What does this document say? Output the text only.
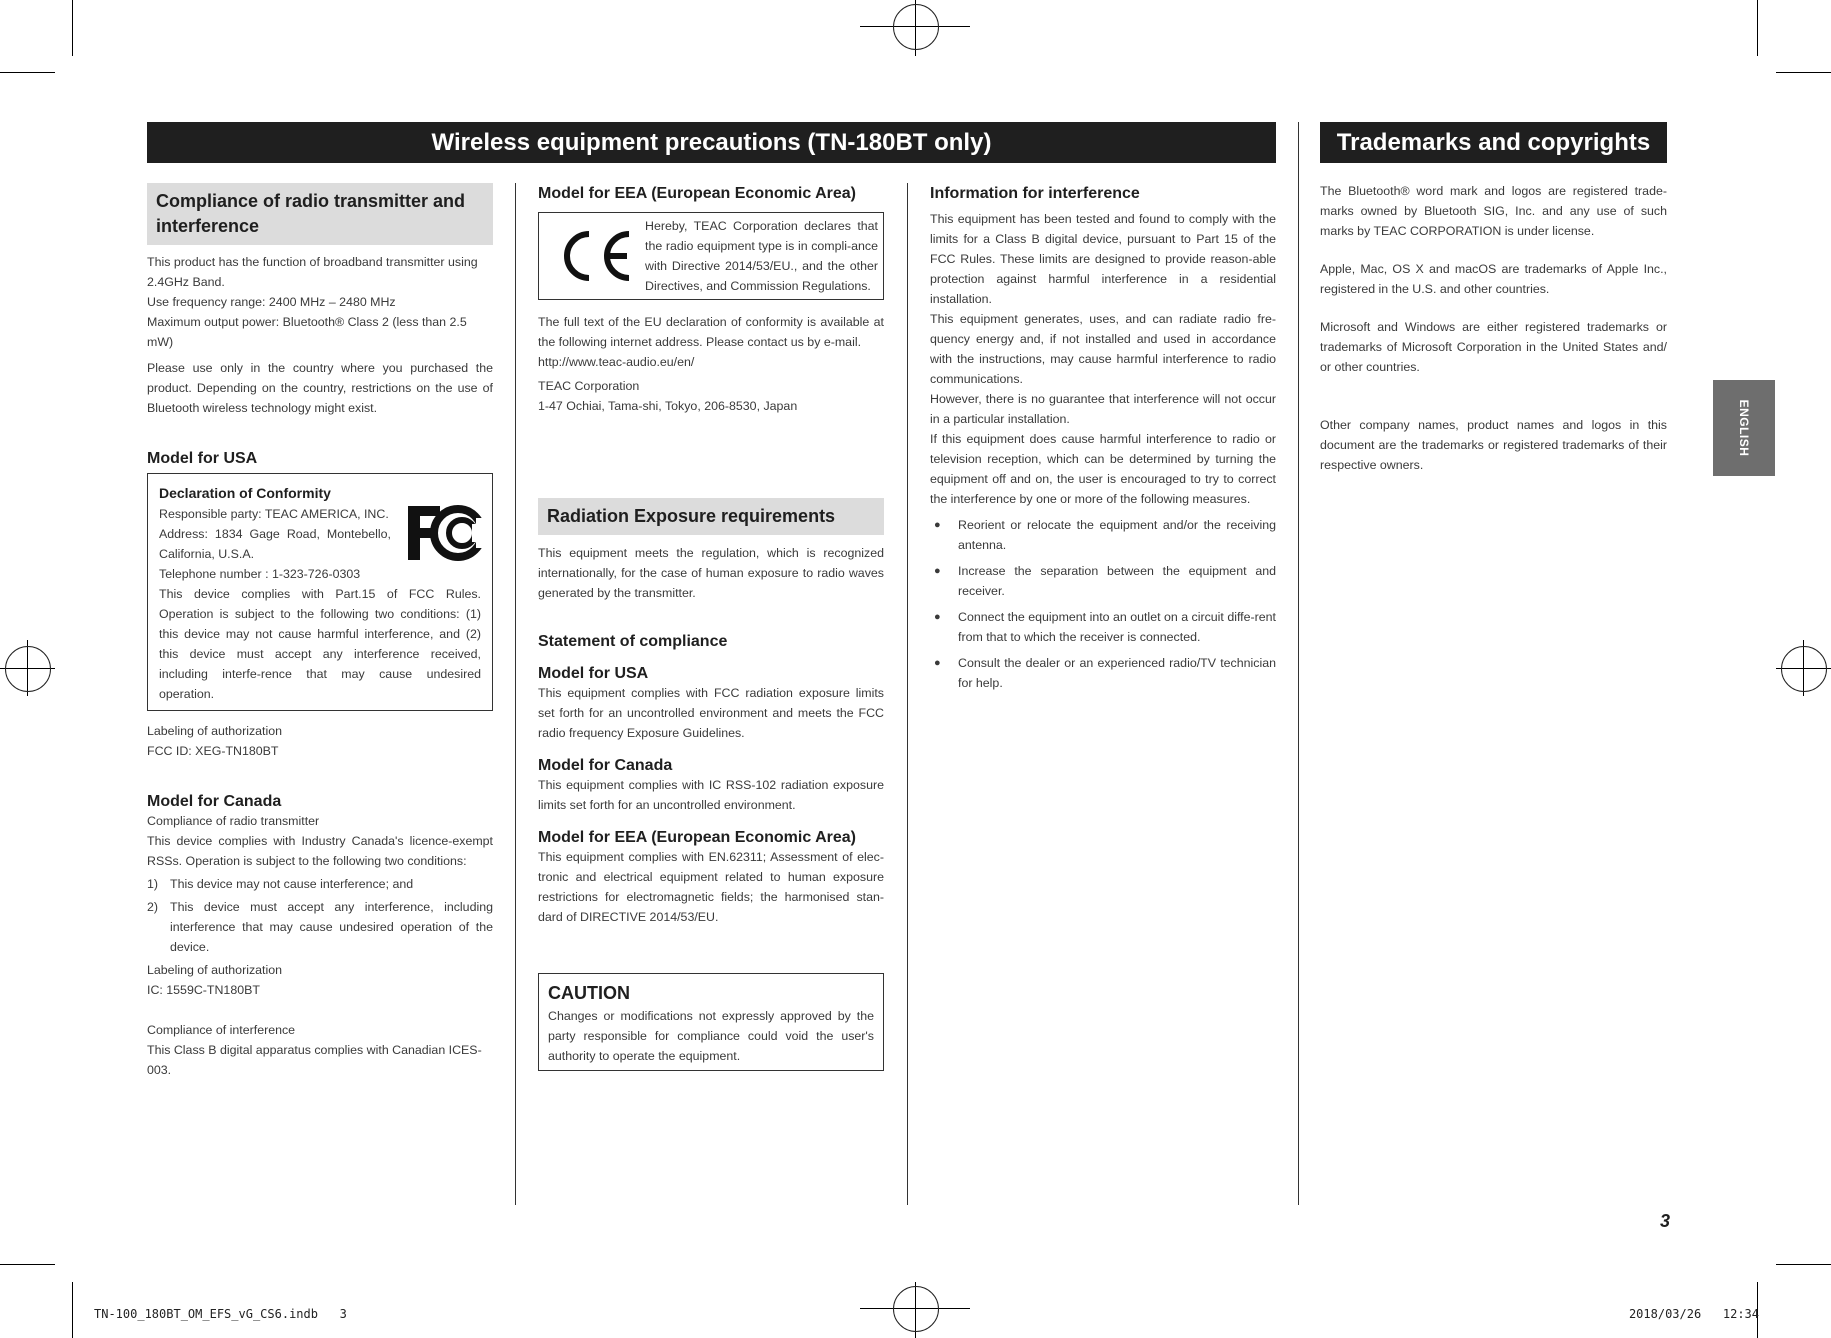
Wireless equipment precautions (TN-180BT only)	Trademarks and copyrights
ENGLISH
Compliance of radio transmitter and interference

This product has the function of broadband transmitter using 2.4GHz Band.

Use frequency range: 2400 MHz – 2480 MHz

Maximum output power: Bluetooth® Class 2 (less than 2.5 mW)

Please use only in the country where you purchased the product. Depending on the country, restrictions on the use of Bluetooth wireless technology might exist.

Model for USA

Declaration of Conformity

Responsible party: TEAC AMERICA, INC.

Address: 1834 Gage Road, Montebello, California, U.S.A.

Telephone number : 1-323-726-0303

This device complies with Part.15 of FCC Rules. Operation is subject to the following two conditions: (1) this device may not cause harmful interference, and (2) this device must accept any interference received, including interfe-rence that may cause undesired operation.

Labeling of authorization

FCC ID: XEG-TN180BT

Model for Canada

Compliance of radio transmitter

This device complies with Industry Canada's licence-exempt RSSs. Operation is subject to the following two conditions:

1) This device may not cause interference; and
2) This device must accept any interference, including interference that may cause undesired operation of the device.

Labeling of authorization

IC: 1559C-TN180BT

Compliance of interference

This Class B digital apparatus complies with Canadian ICES-003.

Model for EEA (European Economic Area)

Hereby, TEAC Corporation declares that the radio equipment type is in compli-ance with Directive 2014/53/EU., and the other Directives, and Commission Regulations.

The full text of the EU declaration of conformity is available at the following internet address. Please contact us by e-mail.

http://www.teac-audio.eu/en/

TEAC Corporation

1-47 Ochiai, Tama-shi, Tokyo, 206-8530, Japan

Radiation Exposure requirements

This equipment meets the regulation, which is recognized internationally, for the case of human exposure to radio waves generated by the transmitter.

Statement of compliance

Model for USA

This equipment complies with FCC radiation exposure limits set forth for an uncontrolled environment and meets the FCC radio frequency Exposure Guidelines.

Model for Canada

This equipment complies with IC RSS-102 radiation exposure limits set forth for an uncontrolled environment.

Model for EEA (European Economic Area)

This equipment complies with EN.62311; Assessment of elec-tronic and electrical equipment related to human exposure restrictions for electromagnetic fields; the harmonised stan-dard of DIRECTIVE 2014/53/EU.

CAUTION

Changes or modifications not expressly approved by the party responsible for compliance could void the user's authority to operate the equipment.

Information for interference

This equipment has been tested and found to comply with the limits for a Class B digital device, pursuant to Part 15 of the FCC Rules. These limits are designed to provide reason-able protection against harmful interference in a residential installation.

This equipment generates, uses, and can radiate radio fre-quency energy and, if not installed and used in accordance with the instructions, may cause harmful interference to radio communications.

However, there is no guarantee that interference will not occur in a particular installation.

If this equipment does cause harmful interference to radio or television reception, which can be determined by turning the equipment off and on, the user is encouraged to try to correct the interference by one or more of the following measures.

●	Reorient or relocate the equipment and/or the receiving antenna.
●	Increase the separation between the equipment and receiver.
●	Connect the equipment into an outlet on a circuit diffe-rent from that to which the receiver is connected.
●	Consult the dealer or an experienced radio/TV technician for help.

The Bluetooth® word mark and logos are registered trade-marks owned by Bluetooth SIG, Inc. and any use of such marks by TEAC CORPORATION is under license.

Apple, Mac, OS X and macOS are trademarks of Apple Inc., registered in the U.S. and other countries.

Microsoft and Windows are either registered trademarks or trademarks of Microsoft Corporation in the United States and/ or other countries.

Other company names, product names and logos in this document are the trademarks or registered trademarks of their respective owners.

3
TN-100_180BT_OM_EFS_vG_CS6.indb   3	2018/03/26   12:34
